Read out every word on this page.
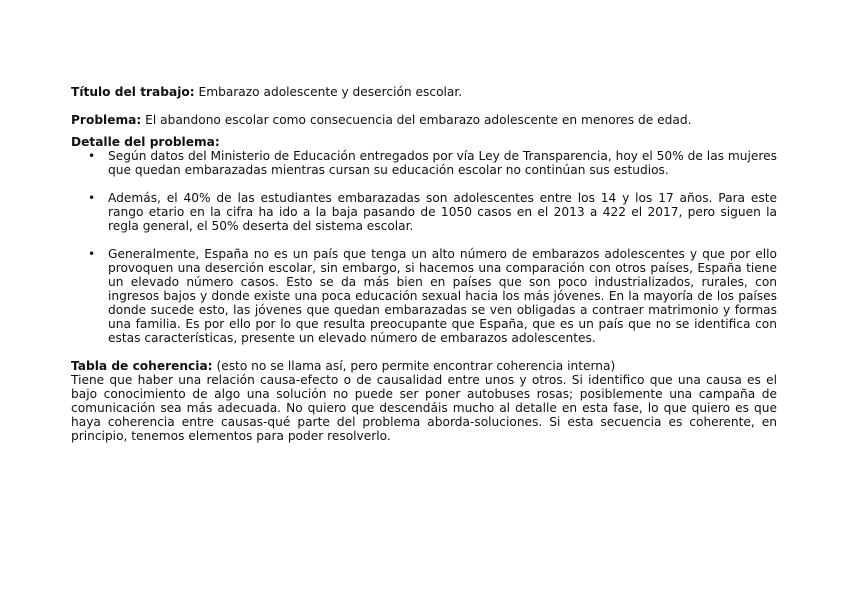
Título del trabajo: Embarazo adolescente y deserción escolar.

Problema: El abandono escolar como consecuencia del embarazo adolescente en menores de edad.

Detalle del problema:

• Según datos del Ministerio de Educación entregados por vía Ley de Transparencia, hoy el 50% de las mujeres que quedan embarazadas mientras cursan su educación escolar no continúan sus estudios.
• Además, el 40% de las estudiantes embarazadas son adolescentes entre los 14 y los 17 años. Para este rango etario en la cifra ha ido a la baja pasando de 1050 casos en el 2013 a 422 el 2017, pero siguen la regla general, el 50% deserta del sistema escolar.
• Generalmente, España no es un país que tenga un alto número de embarazos adolescentes y que por ello provoquen una deserción escolar, sin embargo, si hacemos una comparación con otros países, España tiene un elevado número casos. Esto se da más bien en países que son poco industrializados, rurales, con ingresos bajos y donde existe una poca educación sexual hacia los más jóvenes. En la mayoría de los países donde sucede esto, las jóvenes que quedan embarazadas se ven obligadas a contraer matrimonio y formas una familia. Es por ello por lo que resulta preocupante que España, que es un país que no se identifica con estas características, presente un elevado número de embarazos adolescentes.

Tabla de coherencia: (esto no se llama así, pero permite encontrar coherencia interna)

Tiene que haber una relación causa-efecto o de causalidad entre unos y otros. Si identifico que una causa es el bajo conocimiento de algo una solución no puede ser poner autobuses rosas; posiblemente una campaña de comunicación sea más adecuada. No quiero que descendáis mucho al detalle en esta fase, lo que quiero es que haya coherencia entre causas-qué parte del problema aborda-soluciones. Si esta secuencia es coherente, en principio, tenemos elementos para poder resolverlo.
